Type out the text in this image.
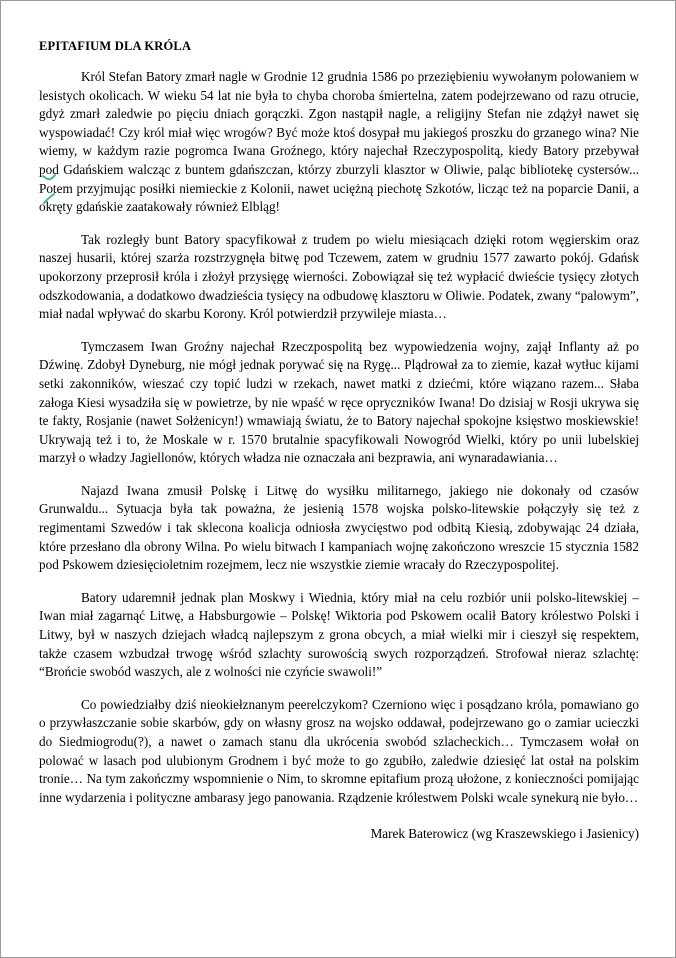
EPITAFIUM DLA KRÓLA

Król Stefan Batory zmarł nagle w Grodnie 12 grudnia 1586 po przeziębieniu wywołanym polowaniem w lesistych okolicach. W wieku 54 lat nie była to chyba choroba śmiertelna, zatem podejrzewano od razu otrucie, gdyż zmarł zaledwie po pięciu dniach gorączki. Zgon nastąpił nagle, a religijny Stefan nie zdążył nawet się wyspowiadać! Czy król miał więc wrogów? Być może ktoś dosypał mu jakiegoś proszku do grzanego wina? Nie wiemy, w każdym razie pogromca Iwana Groźnego, który najechał Rzeczypospolitą, kiedy Batory przebywał pod Gdańskiem walcząc z buntem gdańszczan, którzy zburzyli klasztor w Oliwie, paląc bibliotekę cystersów... Potem przyjmując posiłki niemieckie z Kolonii, nawet uciężną piechotę Szkotów, licząc też na poparcie Danii, a okręty gdańskie zaatakowały również Elbląg!

Tak rozległy bunt Batory spacyfikował z trudem po wielu miesiącach dzięki rotom węgierskim oraz naszej husarii, której szarża rozstrzygnęła bitwę pod Tczewem, zatem w grudniu 1577 zawarto pokój. Gdańsk upokorzony przeprosił króla i złożył przysięgę wierności. Zobowiązał się też wypłacić dwieście tysięcy złotych odszkodowania, a dodatkowo dwadzieścia tysięcy na odbudowę klasztoru w Oliwie. Podatek, zwany “palowym”, miał nadal wpływać do skarbu Korony. Król potwierdził przywileje miasta…

Tymczasem Iwan Groźny najechał Rzeczpospolitą bez wypowiedzenia wojny, zajął Inflanty aż po Dźwinę. Zdobył Dyneburg, nie mógł jednak porywać się na Rygę... Plądrował za to ziemie, kazał wytłuc kijami setki zakonników, wieszać czy topić ludzi w rzekach, nawet matki z dziećmi, które wiązano razem... Słaba załoga Kiesi wysadziła się w powietrze, by nie wpaść w ręce opryczników Iwana! Do dzisiaj w Rosji ukrywa się te fakty, Rosjanie (nawet Sołżenicyn!) wmawiają światu, że to Batory najechał spokojne księstwo moskiewskie! Ukrywają też i to, że Moskale w r. 1570 brutalnie spacyfikowali Nowogród Wielki, który po unii lubelskiej marzył o władzy Jagiellonów, których władza nie oznaczała ani bezprawia, ani wynaradawiania…

Najazd Iwana zmusił Polskę i Litwę do wysiłku militarnego, jakiego nie dokonały od czasów Grunwaldu... Sytuacja była tak poważna, że jesienią 1578 wojska polsko-litewskie połączyły się też z regimentami Szwedów i tak sklecona koalicja odniosła zwycięstwo pod odbitą Kiesią, zdobywając 24 działa, które przesłano dla obrony Wilna. Po wielu bitwach I kampaniach wojnę zakończono wreszcie 15 stycznia 1582 pod Pskowem dziesięcioletnim rozejmem, lecz nie wszystkie ziemie wracały do Rzeczypospolitej.

Batory udaremnił jednak plan Moskwy i Wiednia, który miał na celu rozbiór unii polsko-litewskiej – Iwan miał zagarnąć Litwę, a Habsburgowie – Polskę! Wiktoria pod Pskowem ocalił Batory królestwo Polski i Litwy, był w naszych dziejach władcą najlepszym z grona obcych, a miał wielki mir i cieszył się respektem, także czasem wzbudzał trwogę wśród szlachty surowością swych rozporządzeń. Strofował nieraz szlachtę: “Brońcie swobód waszych, ale z wolności nie czyńcie swawoli!”

Co powiedziałby dziś nieokiełznanym peerelczykom? Czerniono więc i posądzano króla, pomawiano go o przywłaszczanie sobie skarbów, gdy on własny grosz na wojsko oddawał, podejrzewano go o zamiar ucieczki do Siedmiogrodu(?), a nawet o zamach stanu dla ukrócenia swobód szlacheckich… Tymczasem wołał on polować w lasach pod ulubionym Grodnem i być może to go zgubiło, zaledwie dziesięć lat ostał na polskim tronie… Na tym zakończmy wspomnienie o Nim, to skromne epitafium prozą ułożone, z konieczności pomijając inne wydarzenia i polityczne ambarasy jego panowania. Rządzenie królestwem Polski wcale synekurą nie było…

Marek Baterowicz (wg Kraszewskiego i Jasienicy)
